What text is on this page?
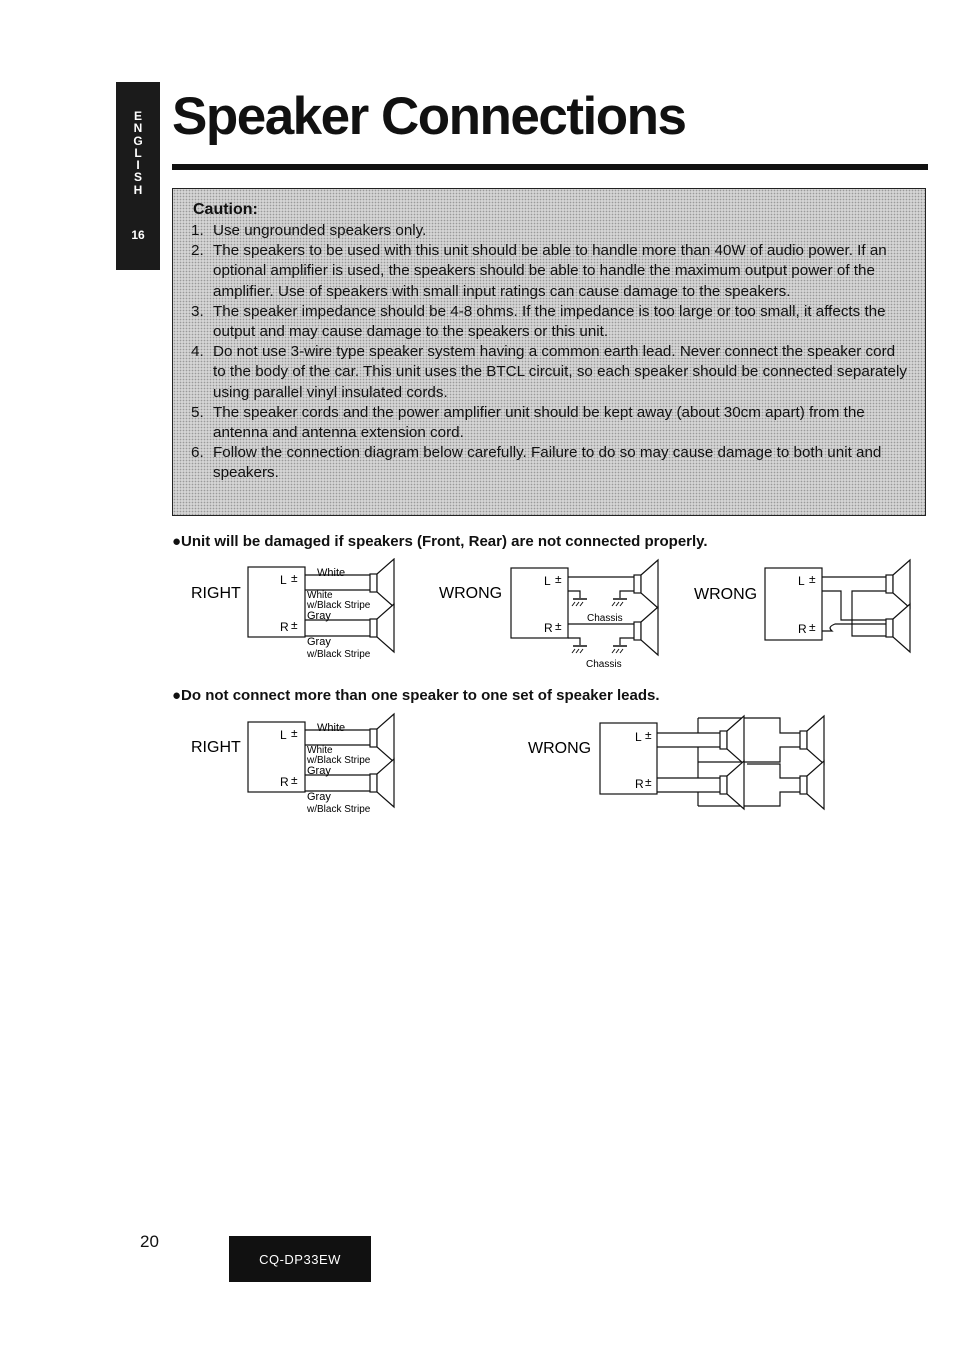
E
N
G
L
I
S
H
16
Speaker Connections
Caution:
1. Use ungrounded speakers only.
2. The speakers to be used with this unit should be able to handle more than 40W of audio power. If an optional amplifier is used, the speakers should be able to handle the maximum output power of the amplifier. Use of speakers with small input ratings can cause damage to the speakers.
3. The speaker impedance should be 4-8 ohms. If the impedance is too large or too small, it affects the output and may cause damage to the speakers or this unit.
4. Do not use 3-wire type speaker system having a common earth lead. Never connect the speaker cord to the body of the car. This unit uses the BTCL circuit, so each speaker should be connected separately using parallel vinyl insulated cords.
5. The speaker cords and the power amplifier unit should be kept away (about 30cm apart) from the antenna and antenna extension cord.
6. Follow the connection diagram below carefully. Failure to do so may cause damage to both unit and speakers.
●Unit will be damaged if speakers (Front, Rear) are not connected properly.
RIGHT
L ±
R ±
White
White
w/Black Stripe
Gray
Gray
w/Black Stripe
WRONG
L ±
R ±
Chassis
Chassis
WRONG
L ±
R ±
●Do not connect more than one speaker to one set of speaker leads.
RIGHT
L ±
R ±
White
White
w/Black Stripe
Gray
Gray
w/Black Stripe
WRONG
L ±
R ±
20
CQ-DP33EW
